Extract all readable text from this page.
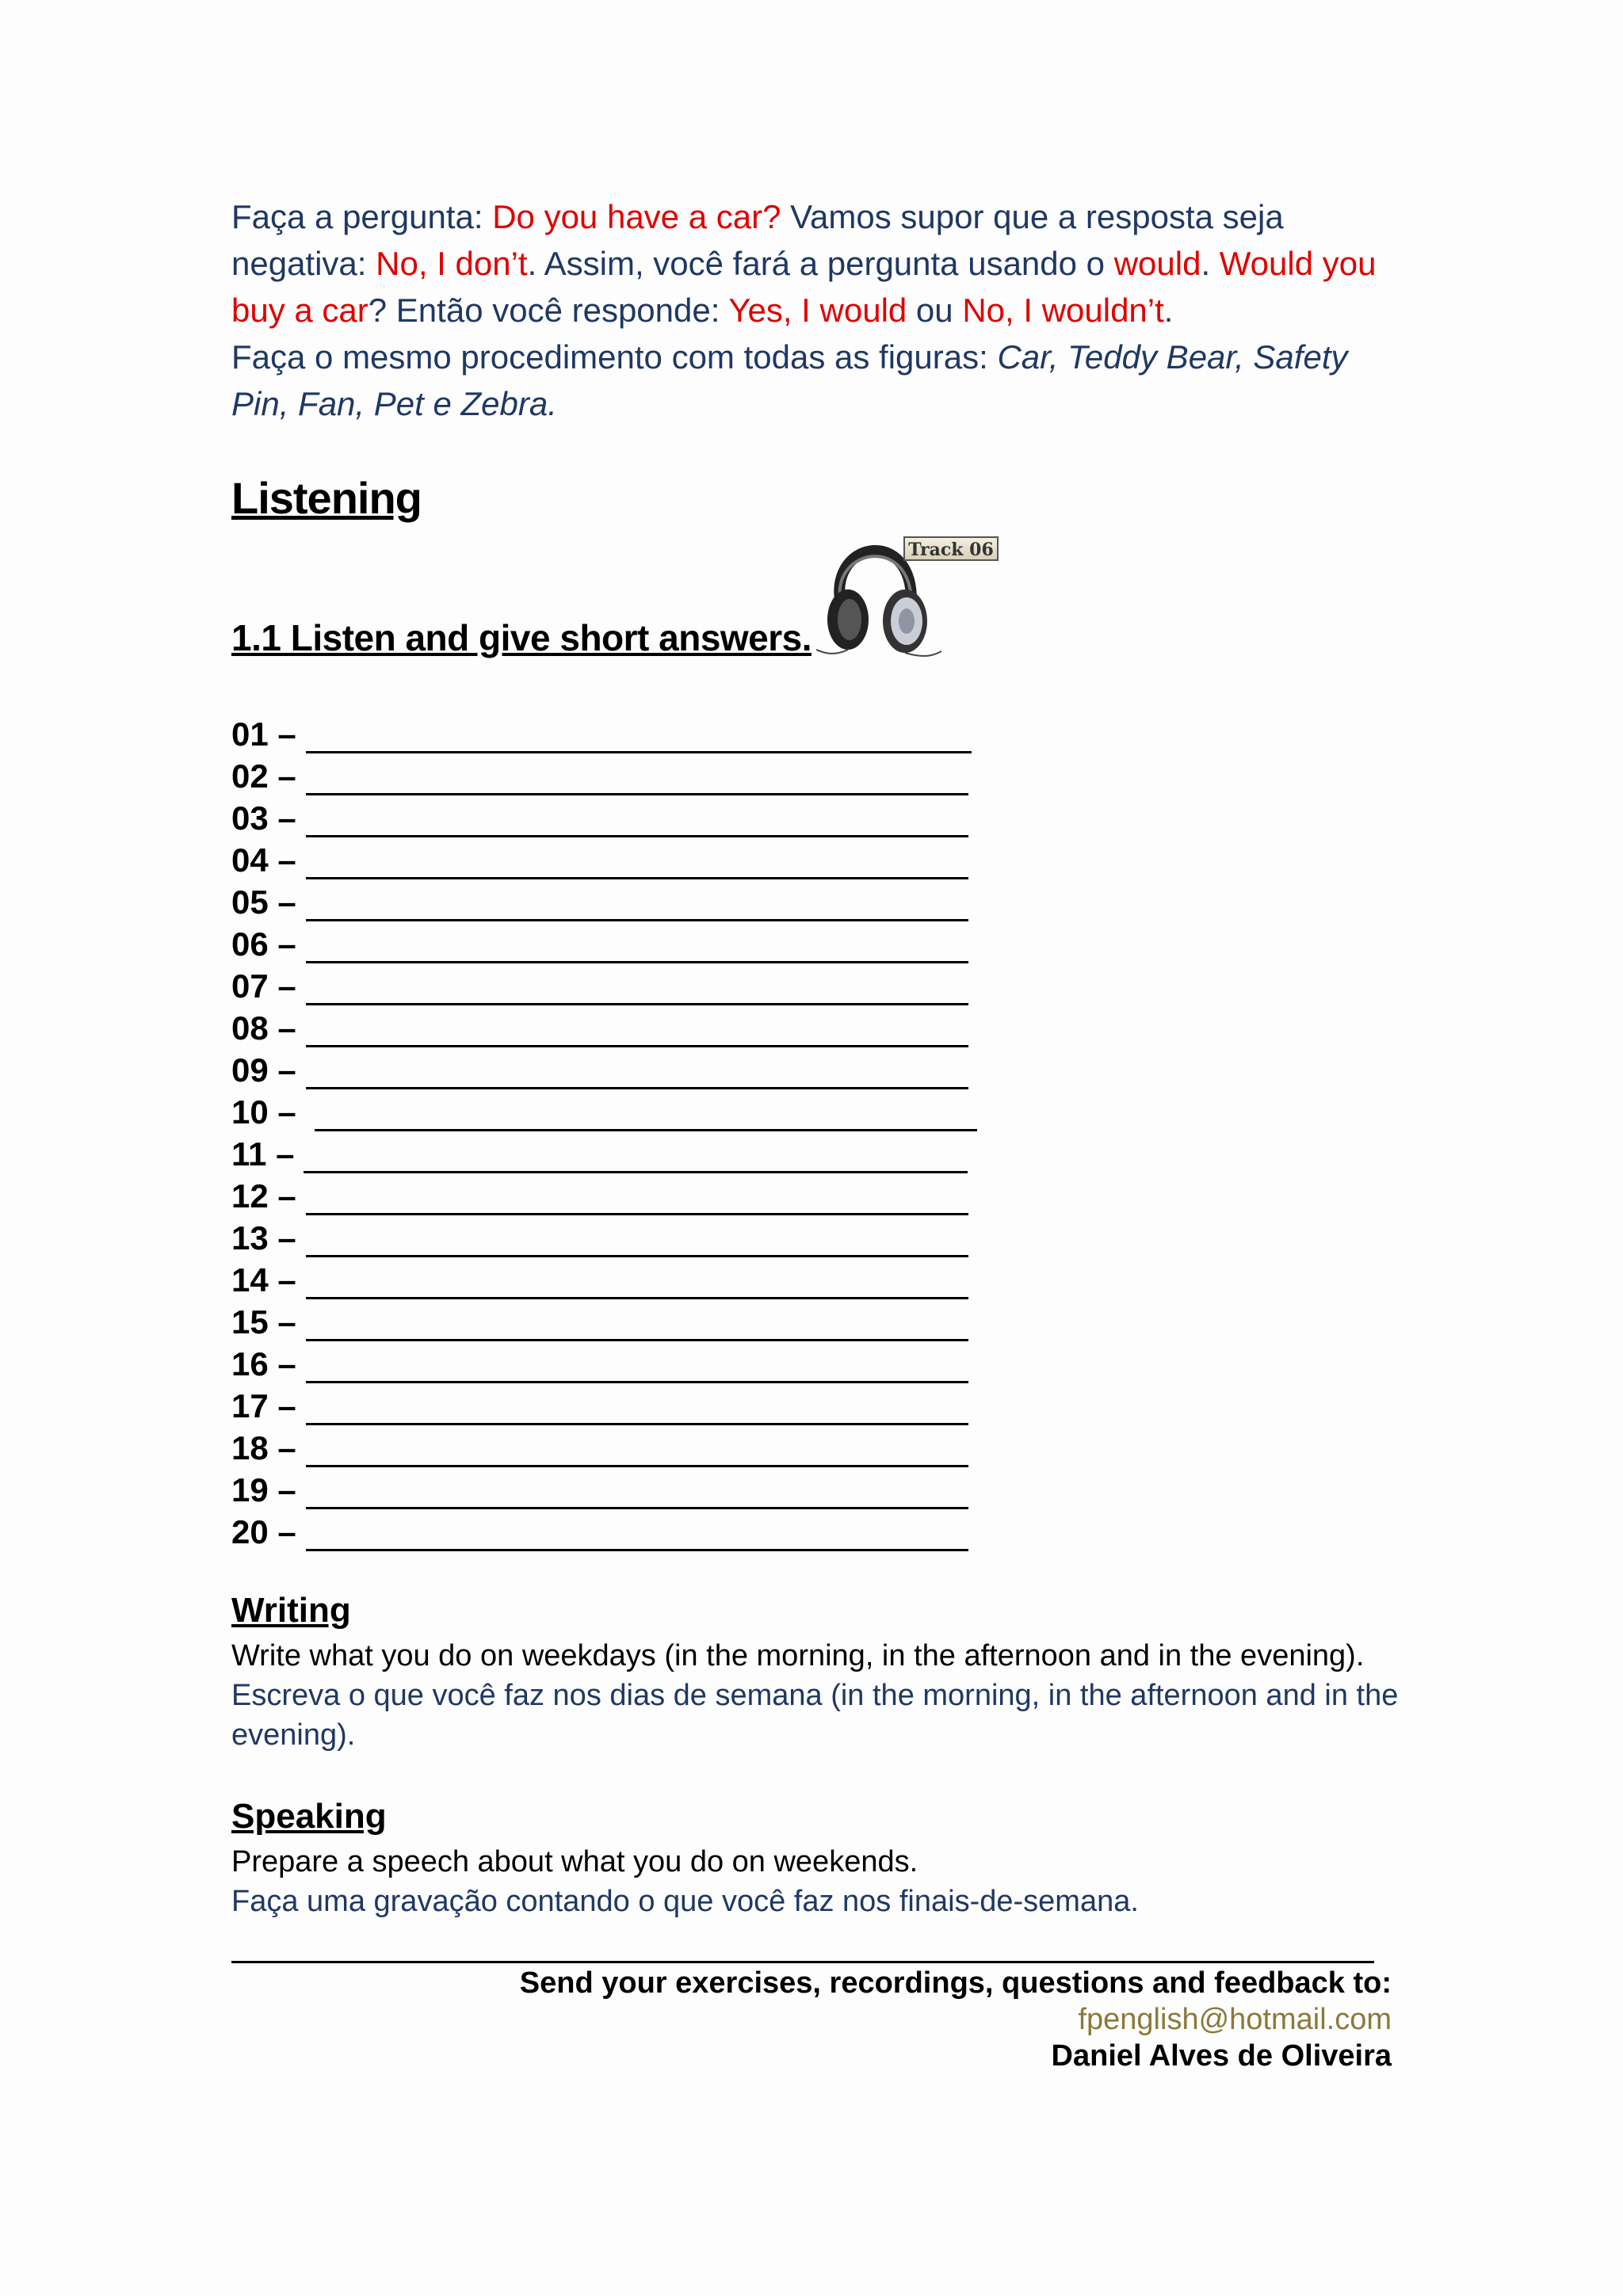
Faça a pergunta: Do you have a car? Vamos supor que a resposta seja negativa: No, I don’t. Assim, você fará a pergunta usando o would. Would you buy a car? Então você responde: Yes, I would ou No, I wouldn’t.

Faça o mesmo procedimento com todas as figuras: Car, Teddy Bear, Safety Pin, Fan, Pet e Zebra.

Listening
Track 06
1.1 Listen and give short answers.
01 –
02 –
03 –
04 –
05 –
06 –
07 –
08 –
09 –
10 –
11 –
12 –
13 –
14 –
15 –
16 –
17 –
18 –
19 –
20 –
Writing

Write what you do on weekdays (in the morning, in the afternoon and in the evening).

Escreva o que você faz nos dias de semana (in the morning, in the afternoon and in the evening).

Speaking

Prepare a speech about what you do on weekends.

Faça uma gravação contando o que você faz nos finais-de-semana.

Send your exercises, recordings, questions and feedback to:
fpenglish@hotmail.com
Daniel Alves de Oliveira
